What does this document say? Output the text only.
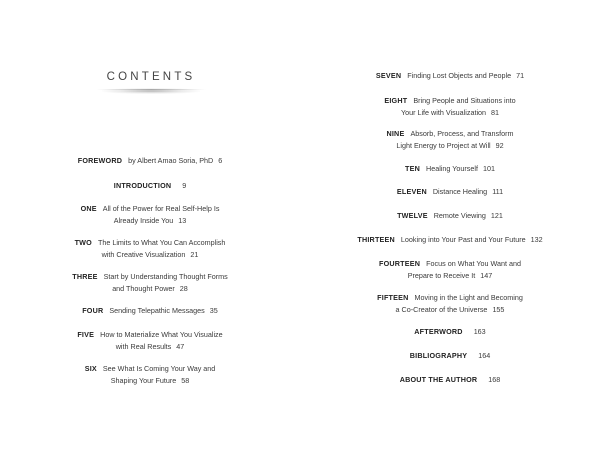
CONTENTS
FOREWORD by Albert Amao Soria, PhD 6
INTRODUCTION 9
ONE All of the Power for Real Self-Help Is
Already Inside You 13
TWO The Limits to What You Can Accomplish
with Creative Visualization 21
THREE Start by Understanding Thought Forms
and Thought Power 28
FOUR Sending Telepathic Messages 35
FIVE How to Materialize What You Visualize
with Real Results 47
SIX See What Is Coming Your Way and
Shaping Your Future 58
SEVEN Finding Lost Objects and People 71
EIGHT Bring People and Situations into
Your Life with Visualization 81
NINE Absorb, Process, and Transform
Light Energy to Project at Will 92
TEN Healing Yourself 101
ELEVEN Distance Healing 111
TWELVE Remote Viewing 121
THIRTEEN Looking into Your Past and Your Future 132
FOURTEEN Focus on What You Want and
Prepare to Receive It 147
FIFTEEN Moving in the Light and Becoming
a Co-Creator of the Universe 155
AFTERWORD 163
BIBLIOGRAPHY 164
ABOUT THE AUTHOR 168
